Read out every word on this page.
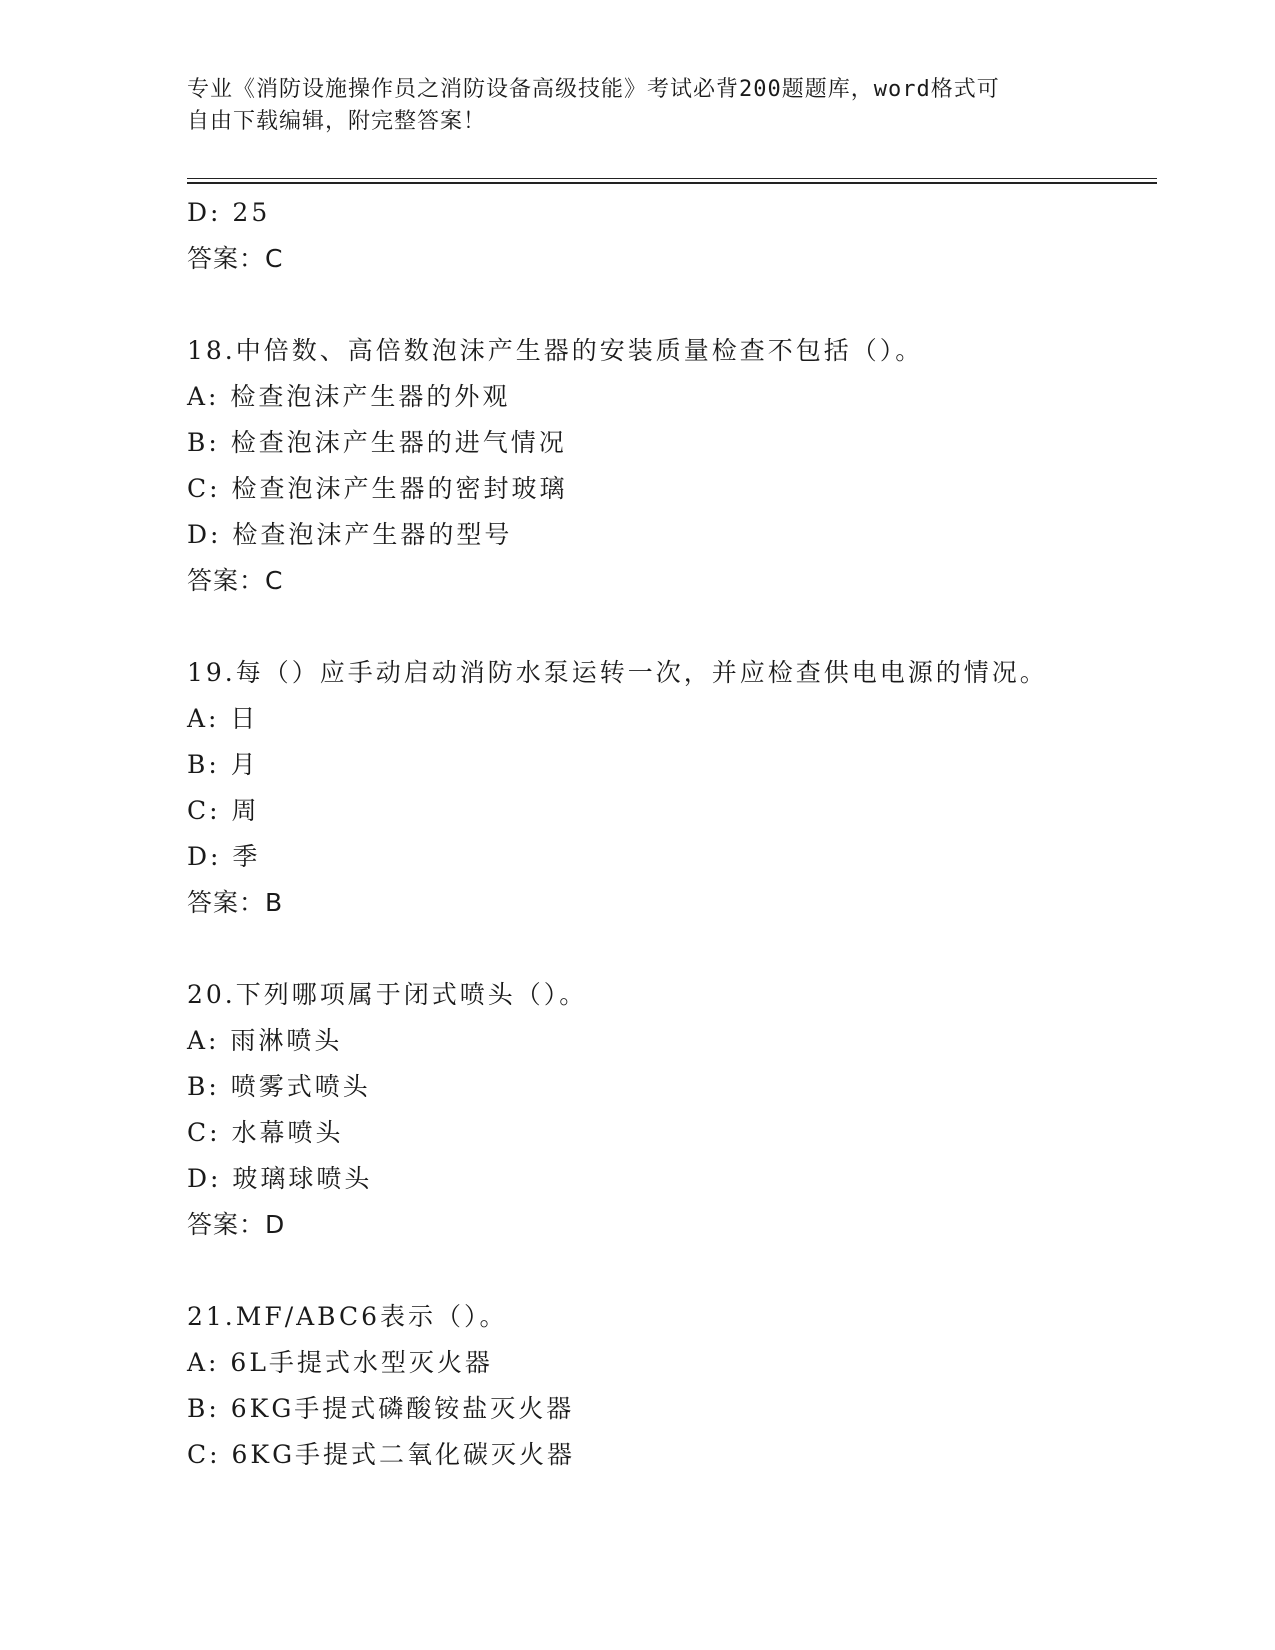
专业《消防设施操作员之消防设备高级技能》考试必背200题题库，word格式可
自由下载编辑，附完整答案！
D: 25
答案：C
18.中倍数、高倍数泡沫产生器的安装质量检查不包括（）。
A: 检查泡沫产生器的外观
B: 检查泡沫产生器的进气情况
C: 检查泡沫产生器的密封玻璃
D: 检查泡沫产生器的型号
答案：C
19.每（）应手动启动消防水泵运转一次，并应检查供电电源的情况。
A: 日
B: 月
C: 周
D: 季
答案：B
20.下列哪项属于闭式喷头（）。
A: 雨淋喷头
B: 喷雾式喷头
C: 水幕喷头
D: 玻璃球喷头
答案：D
21.MF/ABC6表示（）。
A: 6L手提式水型灭火器
B: 6KG手提式磷酸铵盐灭火器
C: 6KG手提式二氧化碳灭火器
